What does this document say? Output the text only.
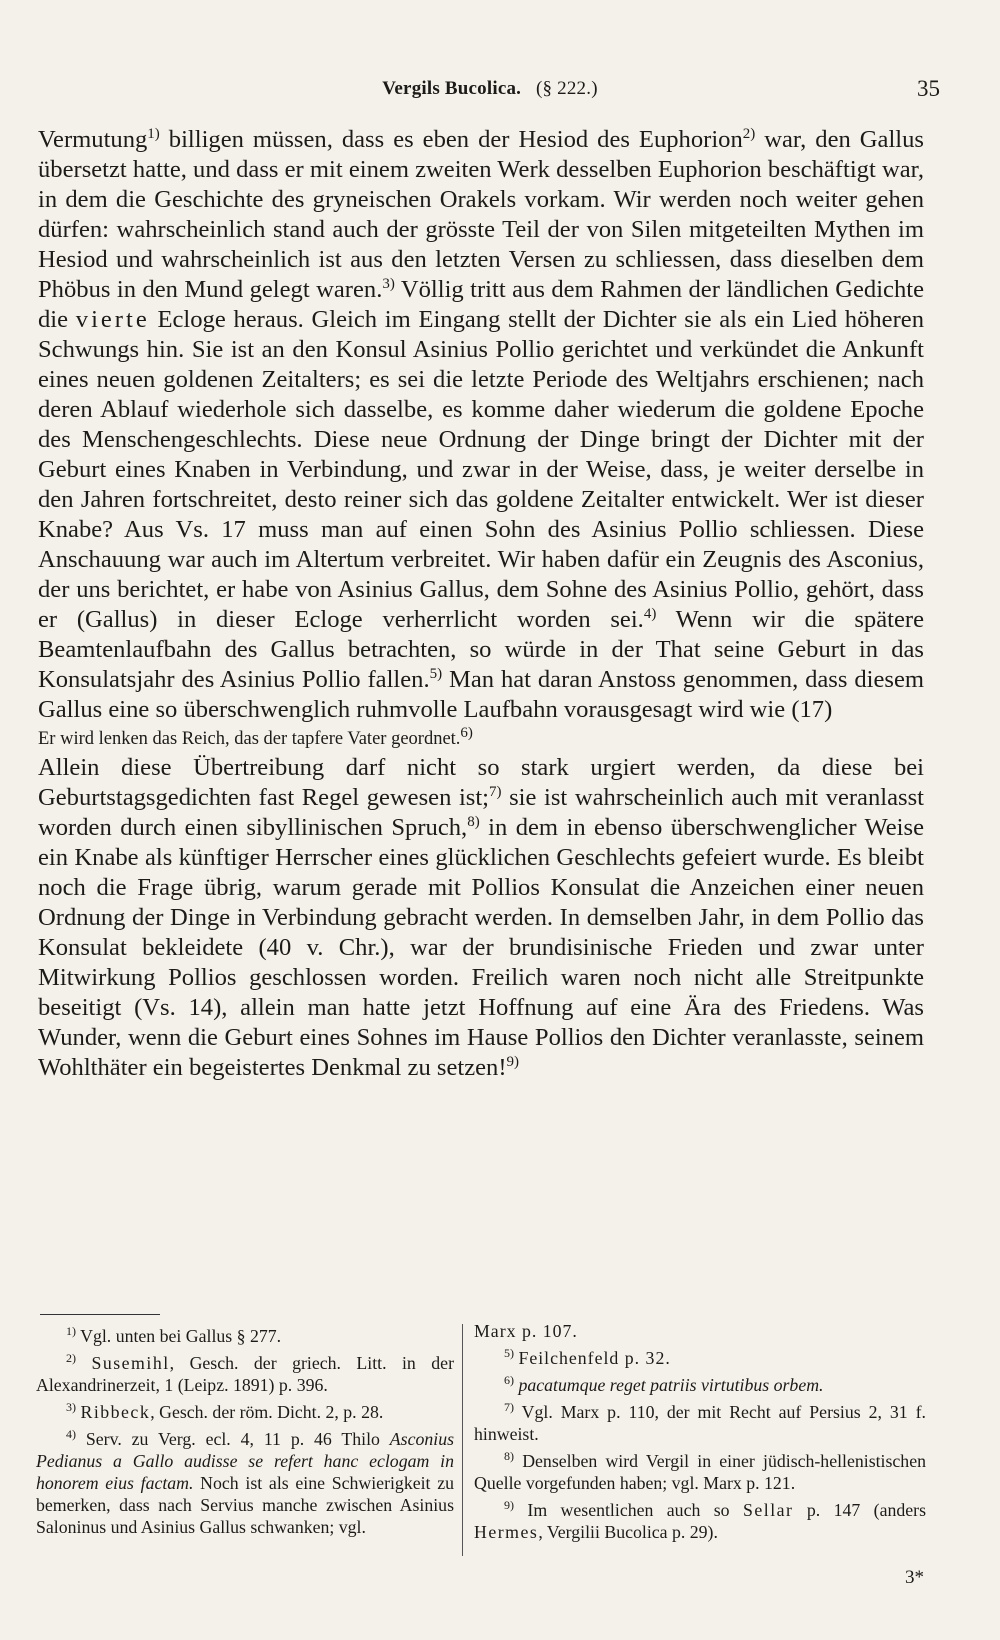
Vergils Bucolica. (§ 222.)	35

Vermutung$^{1)}$ billigen müssen, dass es eben der Hesiod des Euphorion$^{2)}$ war, den Gallus übersetzt hatte, und dass er mit einem zweiten Werk desselben Euphorion beschäftigt war, in dem die Geschichte des gryneischen Orakels vorkam. Wir werden noch weiter gehen dürfen: wahrscheinlich stand auch der grösste Teil der von Silen mitgeteilten Mythen im Hesiod und wahrscheinlich ist aus den letzten Versen zu schliessen, dass dieselben dem Phöbus in den Mund gelegt waren.$^{3)}$ Völlig tritt aus dem Rahmen der ländlichen Gedichte die vierte Ecloge heraus. Gleich im Eingang stellt der Dichter sie als ein Lied höheren Schwungs hin. Sie ist an den Konsul Asinius Pollio gerichtet und verkündet die Ankunft eines neuen goldenen Zeitalters; es sei die letzte Periode des Weltjahrs erschienen; nach deren Ablauf wiederhole sich dasselbe, es komme daher wiederum die goldene Epoche des Menschengeschlechts. Diese neue Ordnung der Dinge bringt der Dichter mit der Geburt eines Knaben in Verbindung, und zwar in der Weise, dass, je weiter derselbe in den Jahren fortschreitet, desto reiner sich das goldene Zeitalter entwickelt. Wer ist dieser Knabe? Aus Vs. 17 muss man auf einen Sohn des Asinius Pollio schliessen. Diese Anschauung war auch im Altertum verbreitet. Wir haben dafür ein Zeugnis des Asconius, der uns berichtet, er habe von Asinius Gallus, dem Sohne des Asinius Pollio, gehört, dass er (Gallus) in dieser Ecloge verherrlicht worden sei.$^{4)}$ Wenn wir die spätere Beamtenlaufbahn des Gallus betrachten, so würde in der That seine Geburt in das Konsulatsjahr des Asinius Pollio fallen.$^{5)}$ Man hat daran Anstoss genommen, dass diesem Gallus eine so überschwenglich ruhmvolle Laufbahn vorausgesagt wird wie (17)

Er wird lenken das Reich, das der tapfere Vater geordnet.$^{6)}$

Allein diese Übertreibung darf nicht so stark urgiert werden, da diese bei Geburtstagsgedichten fast Regel gewesen ist;$^{7)}$ sie ist wahrscheinlich auch mit veranlasst worden durch einen sibyllinischen Spruch,$^{8)}$ in dem in ebenso überschwenglicher Weise ein Knabe als künftiger Herrscher eines glücklichen Geschlechts gefeiert wurde. Es bleibt noch die Frage übrig, warum gerade mit Pollios Konsulat die Anzeichen einer neuen Ordnung der Dinge in Verbindung gebracht werden. In demselben Jahr, in dem Pollio das Konsulat bekleidete (40 v. Chr.), war der brundisinische Frieden und zwar unter Mitwirkung Pollios geschlossen worden. Freilich waren noch nicht alle Streitpunkte beseitigt (Vs. 14), allein man hatte jetzt Hoffnung auf eine Ära des Friedens. Was Wunder, wenn die Geburt eines Sohnes im Hause Pollios den Dichter veranlasste, seinem Wohlthäter ein begeistertes Denkmal zu setzen!$^{9)}$

$^{1)}$ Vgl. unten bei Gallus § 277.

$^{2)}$ Susemihl, Gesch. der griech. Litt. in der Alexandrinerzeit, 1 (Leipz. 1891) p. 396.

$^{3)}$ Ribbeck, Gesch. der röm. Dicht. 2, p. 28.

$^{4)}$ Serv. zu Verg. ecl. 4, 11 p. 46 Thilo Asconius Pedianus a Gallo audisse se refert hanc eclogam in honorem eius factam. Noch ist als eine Schwierigkeit zu bemerken, dass nach Servius manche zwischen Asinius Saloninus und Asinius Gallus schwanken; vgl.

Marx p. 107.

$^{5)}$ Feilchenfeld p. 32.

$^{6)}$ pacatumque reget patriis virtutibus orbem.

$^{7)}$ Vgl. Marx p. 110, der mit Recht auf Persius 2, 31 f. hinweist.

$^{8)}$ Denselben wird Vergil in einer jüdisch-hellenistischen Quelle vorgefunden haben; vgl. Marx p. 121.

$^{9)}$ Im wesentlichen auch so Sellar p. 147 (anders Hermes, Vergilii Bucolica p. 29).

3*
